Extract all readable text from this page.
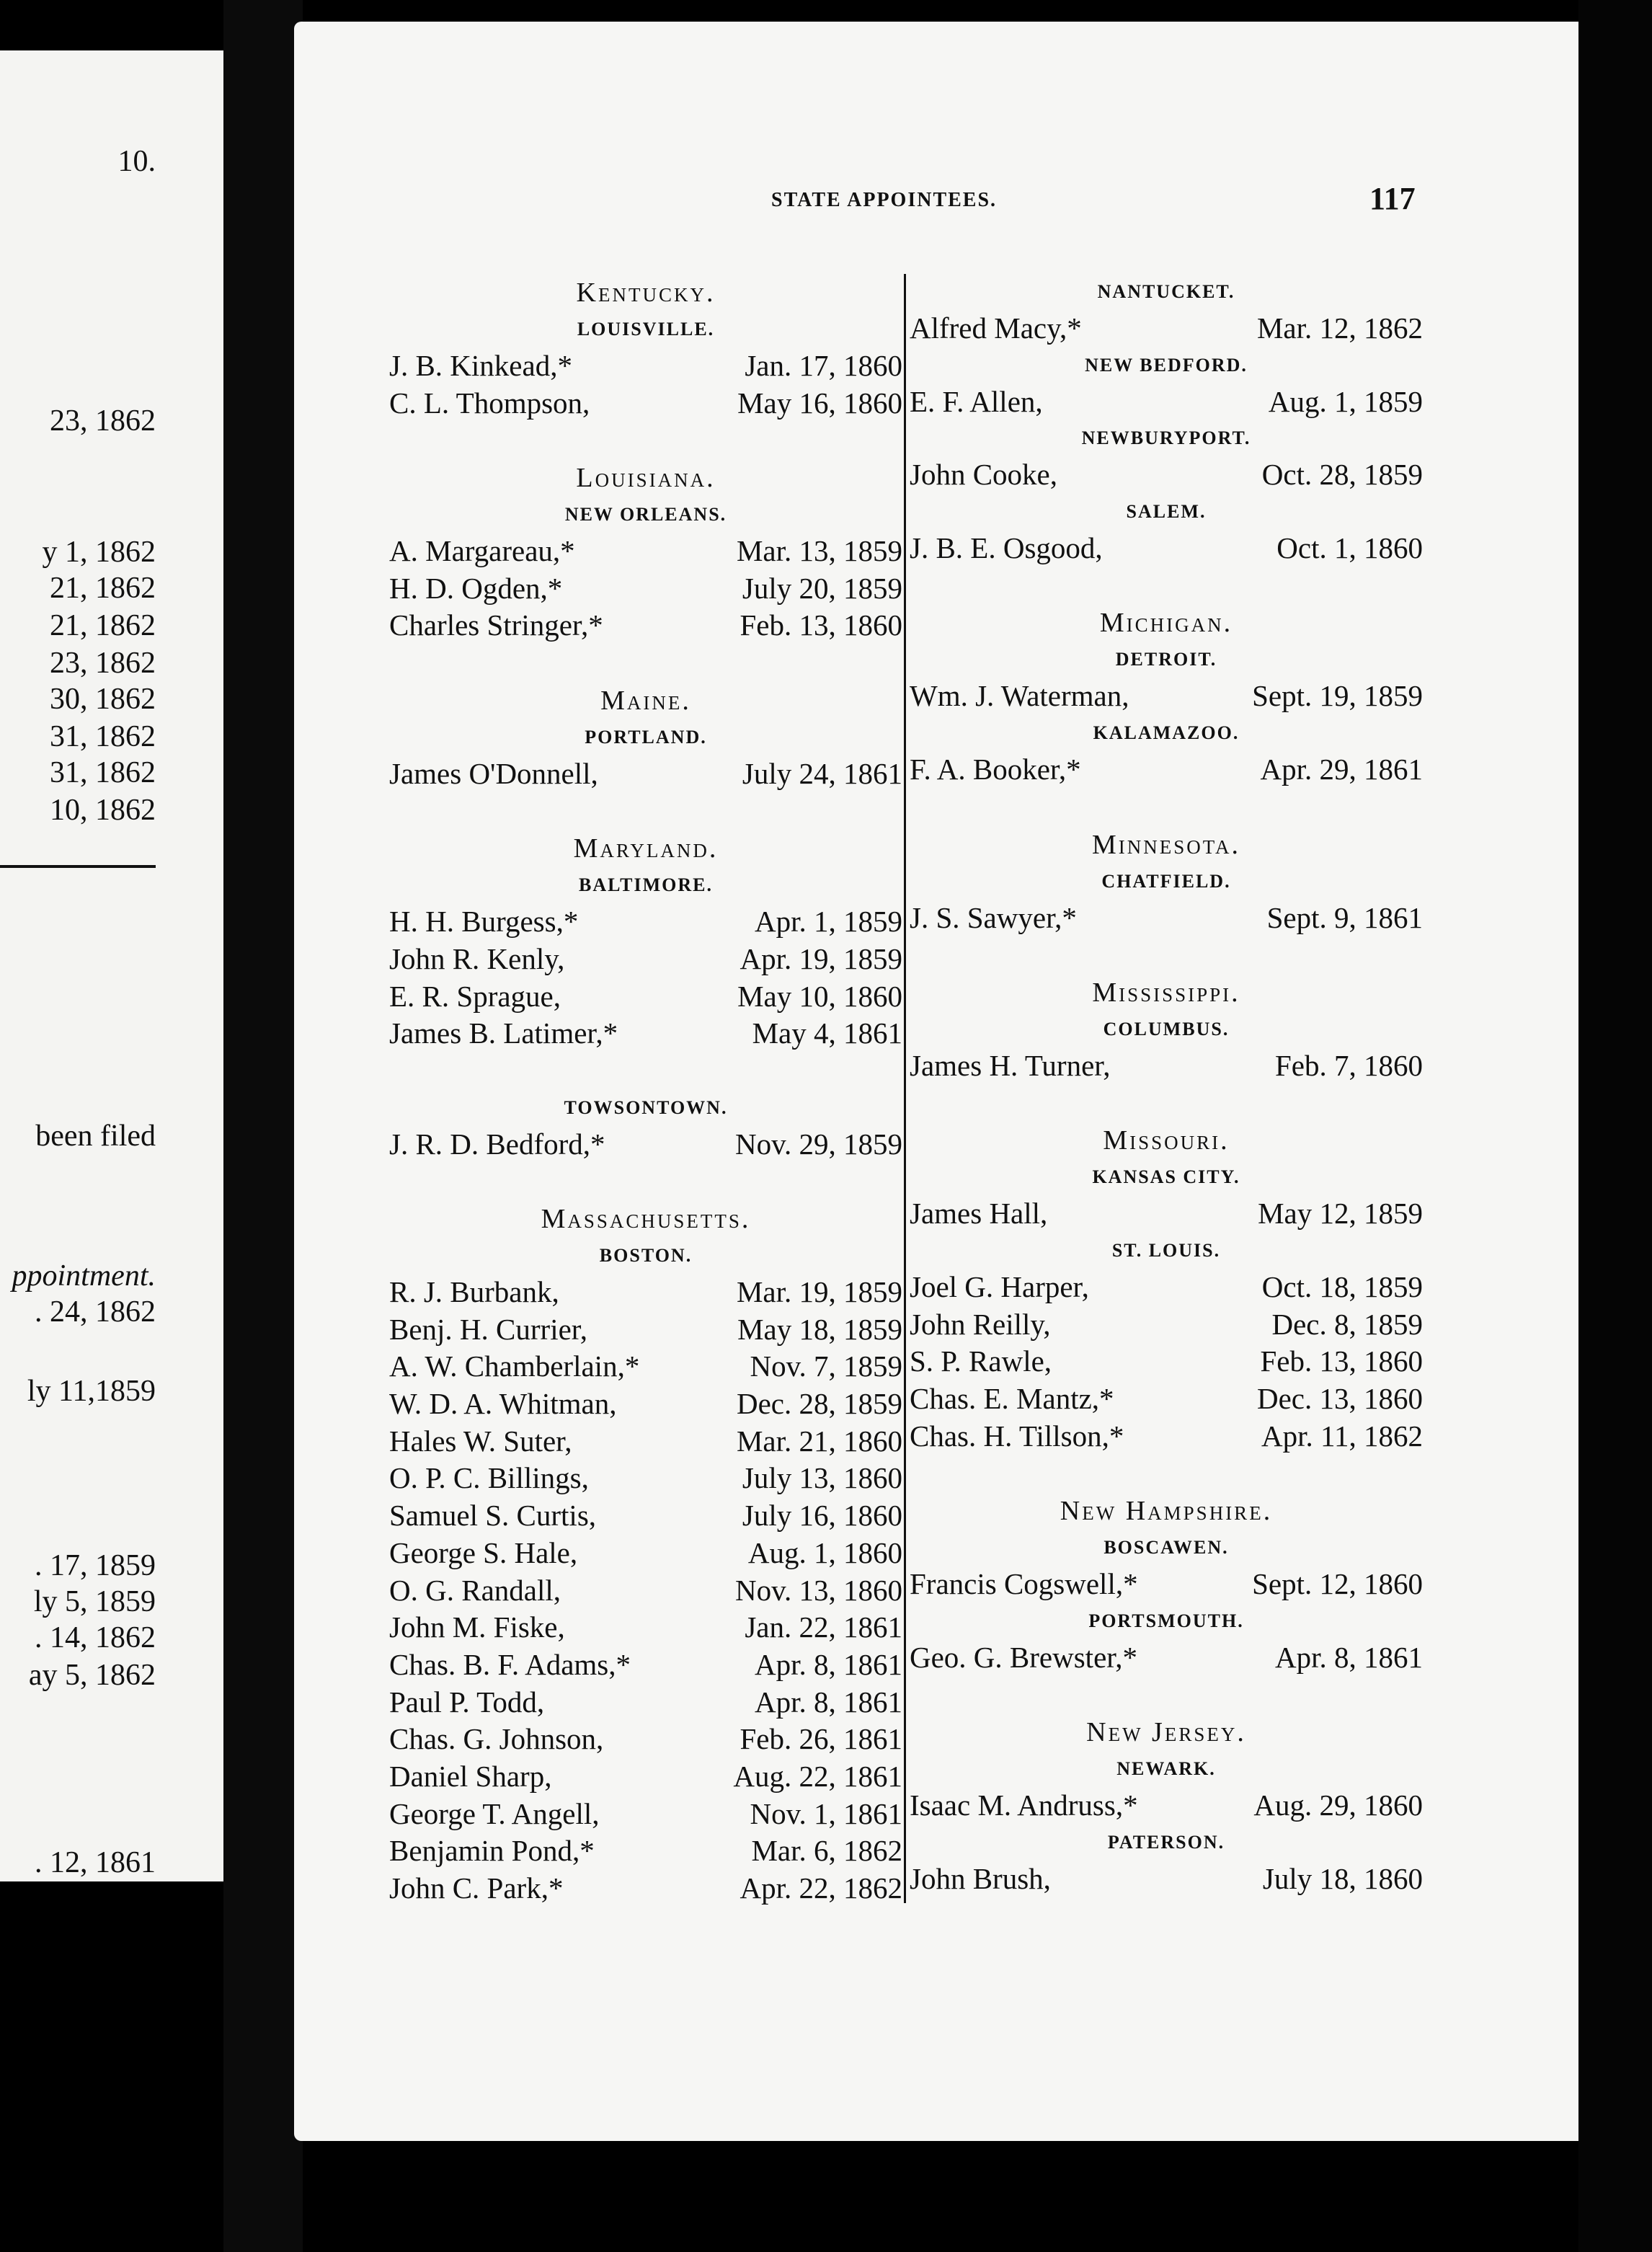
10.
23, 1862
y 1, 1862
21, 1862
21, 1862
23, 1862
30, 1862
31, 1862
31, 1862
10, 1862
been filed
ppointment.
. 24, 1862
ly 11,1859
. 17, 1859
ly 5, 1859
. 14, 1862
ay 5, 1862
. 12, 1861
STATE APPOINTEES.	117
Kentucky.
LOUISVILLE.
J. B. Kinkead,*	Jan. 17, 1860
C. L. Thompson,	May 16, 1860
Louisiana.
NEW ORLEANS.
A. Margareau,*	Mar. 13, 1859
H. D. Ogden,*	July 20, 1859
Charles Stringer,*	Feb. 13, 1860
Maine.
PORTLAND.
James O'Donnell,	July 24, 1861
Maryland.
BALTIMORE.
H. H. Burgess,*	Apr. 1, 1859
John R. Kenly,	Apr. 19, 1859
E. R. Sprague,	May 10, 1860
James B. Latimer,*	May 4, 1861
TOWSONTOWN.
J. R. D. Bedford,*	Nov. 29, 1859
Massachusetts.
BOSTON.
R. J. Burbank,	Mar. 19, 1859
Benj. H. Currier,	May 18, 1859
A. W. Chamberlain,*	Nov. 7, 1859
W. D. A. Whitman,	Dec. 28, 1859
Hales W. Suter,	Mar. 21, 1860
O. P. C. Billings,	July 13, 1860
Samuel S. Curtis,	July 16, 1860
George S. Hale,	Aug. 1, 1860
O. G. Randall,	Nov. 13, 1860
John M. Fiske,	Jan. 22, 1861
Chas. B. F. Adams,*	Apr. 8, 1861
Paul P. Todd,	Apr. 8, 1861
Chas. G. Johnson,	Feb. 26, 1861
Daniel Sharp,	Aug. 22, 1861
George T. Angell,	Nov. 1, 1861
Benjamin Pond,*	Mar. 6, 1862
John C. Park,*	Apr. 22, 1862
NANTUCKET.
Alfred Macy,*	Mar. 12, 1862
NEW BEDFORD.
E. F. Allen,	Aug. 1, 1859
NEWBURYPORT.
John Cooke,	Oct. 28, 1859
SALEM.
J. B. E. Osgood,	Oct. 1, 1860
Michigan.
DETROIT.
Wm. J. Waterman,	Sept. 19, 1859
KALAMAZOO.
F. A. Booker,*	Apr. 29, 1861
Minnesota.
CHATFIELD.
J. S. Sawyer,*	Sept. 9, 1861
Mississippi.
COLUMBUS.
James H. Turner,	Feb. 7, 1860
Missouri.
KANSAS CITY.
James Hall,	May 12, 1859
ST. LOUIS.
Joel G. Harper,	Oct. 18, 1859
John Reilly,	Dec. 8, 1859
S. P. Rawle,	Feb. 13, 1860
Chas. E. Mantz,*	Dec. 13, 1860
Chas. H. Tillson,*	Apr. 11, 1862
New Hampshire.
BOSCAWEN.
Francis Cogswell,*	Sept. 12, 1860
PORTSMOUTH.
Geo. G. Brewster,*	Apr. 8, 1861
New Jersey.
NEWARK.
Isaac M. Andruss,*	Aug. 29, 1860
PATERSON.
John Brush,	July 18, 1860
